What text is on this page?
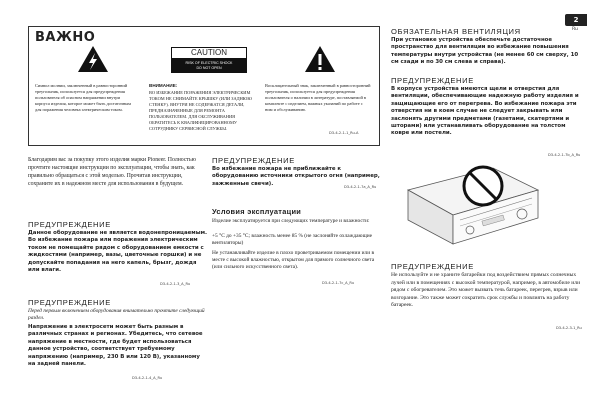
2
Ru
ВАЖНО
CAUTION
RISK OF ELECTRIC SHOCK
DO NOT OPEN
Символ молнии, заключенный в равносторонний треугольник, используется для предупреждения пользователя об опасном напряжении внутри корпуса изделия, которое может быть достаточным для поражения человека электрическим током.
ВНИМАНИЕ:
ВО ИЗБЕЖАНИЕ ПОРАЖЕНИЯ ЭЛЕКТРИЧЕСКИМ ТОКОМ НЕ СНИМАЙТЕ КРЫШКУ (ИЛИ ЗАДНЮЮ СТЕНКУ). ВНУТРИ НЕ СОДЕРЖАТСЯ ДЕТАЛИ, ПРЕДНАЗНАЧЕННЫЕ ДЛЯ РЕМОНТА ПОЛЬЗОВАТЕЛЕМ. ДЛЯ ОБСЛУЖИВАНИЯ ОБРАТИТЕСЬ К КВАЛИФИЦИРОВАННОМУ СОТРУДНИКУ СЕРВИСНОЙ СЛУЖБЫ.
Восклицательный знак, заключенный в равносторонний треугольник, используется для предупреждения пользователя о наличии в литературе, поставляемой в комплекте с изделием, важных указаний по работе с ним и обслуживанию.
D3-4-2-1-1_Ru-A
ОБЯЗАТЕЛЬНАЯ ВЕНТИЛЯЦИЯ
При установке устройства обеспечьте достаточное пространство для вентиляции во избежание повышения температуры внутри устройства (не менее 60 см сверху, 10 см сзади и по 30 см слева и справа).
ПРЕДУПРЕЖДЕНИЕ
В корпусе устройства имеются щели и отверстия для вентиляции, обеспечивающие надежную работу изделия и защищающие его от перегрева. Во избежание пожара эти отверстия ни в коем случае не следует закрывать или заслонять другими предметами (газетами, скатертями и шторами) или устанавливать оборудование на толстом ковре или постели.
D3-4-2-1-7b_A_Ru
Благодарим вас за покупку этого изделия марки Pioneer. Полностью прочтите настоящие инструкции по эксплуатации, чтобы знать, как правильно обращаться с этой моделью. Прочитав инструкции, сохраните их в надежном месте для использования в будущем.
ПРЕДУПРЕЖДЕНИЕ
Данное оборудование не является водонепроницаемым. Во избежание пожара или поражения электрическим током не помещайте рядом с оборудованием емкости с жидкостями (например, вазы, цветочные горшки) и не допускайте попадания на него капель, брызг, дождя или влаги.
D3-4-2-1-3_A_Ru
ПРЕДУПРЕЖДЕНИЕ
Перед первым включением оборудования внимательно прочтите следующий раздел.
Напряжение в электросети может быть разным в различных странах и регионах. Убедитесь, что сетевое напряжение в местности, где будет использоваться данное устройство, соответствует требуемому напряжению (например, 230 В или 120 В), указанному на задней панели.
D3-4-2-1-4_A_Ru
ПРЕДУПРЕЖДЕНИЕ
Во избежание пожара не приближайте к оборудованию источники открытого огня (например, зажженные свечи).
D3-4-2-1-7a_A_Ru
Условия эксплуатации
Изделие эксплуатируется при следующих температуре и влажности:
+5 °C до +35 °C; влажность менее 85 % (не заслоняйте охлаждающие вентиляторы)
Не устанавливайте изделие в плохо проветриваемом помещении или в месте с высокой влажностью, открытом для прямого солнечного света (или сильного искусственного света).
D3-4-2-1-7c_A_Ru
ПРЕДУПРЕЖДЕНИЕ
Не используйте и не храните батарейки под воздействием прямых солнечных лучей или в помещениях с высокой температурой, например, в автомобиле или рядом с обогревателем. Это может вызвать течь батареек, перегрев, взрыв или возгорание. Это также может сократить срок службы и повлиять на работу батареек.
D3-4-2-3-1_Ru
